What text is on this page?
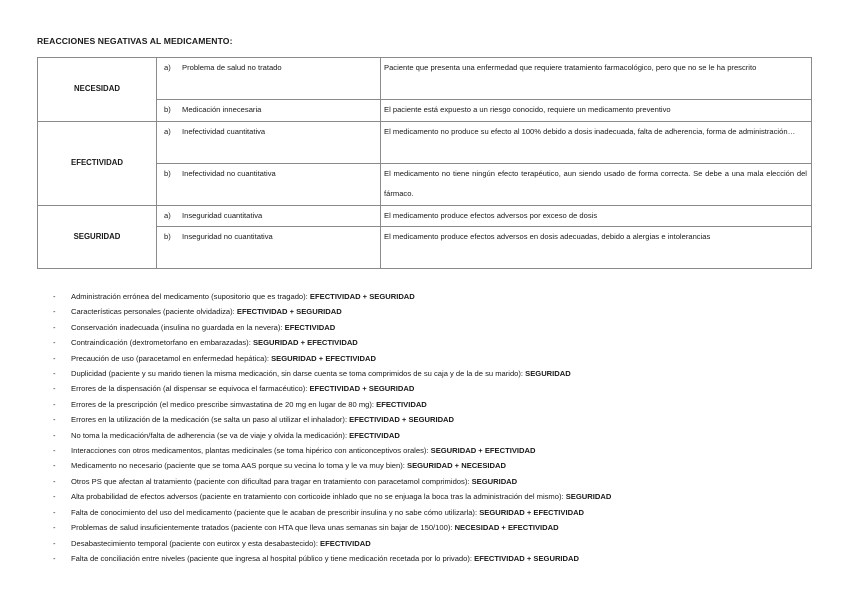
REACCIONES NEGATIVAS AL MEDICAMENTO:
NECESIDAD	a) Problema de salud no tratado	Paciente que presenta una enfermedad que requiere tratamiento farmacológico, pero que no se le ha prescrito

	b) Medicación innecesaria	El paciente está expuesto a un riesgo conocido, requiere un medicamento preventivo
EFECTIVIDAD	a) Inefectividad cuantitativa	El medicamento no produce su efecto al 100% debido a dosis inadecuada, falta de adherencia, forma de administración…

	b) Inefectividad no cuantitativa	El medicamento no tiene ningún efecto terapéutico, aun siendo usado de forma correcta. Se debe a una mala elección del fármaco.
SEGURIDAD	a) Inseguridad cuantitativa	El medicamento produce efectos adversos por exceso de dosis

	b) Inseguridad no cuantitativa	El medicamento produce efectos adversos en dosis adecuadas, debido a alergias e intolerancias
- Administración errónea del medicamento (supositorio que es tragado): EFECTIVIDAD + SEGURIDAD
- Características personales (paciente olvidadiza): EFECTIVIDAD + SEGURIDAD
- Conservación inadecuada (insulina no guardada en la nevera): EFECTIVIDAD
- Contraindicación (dextrometorfano en embarazadas): SEGURIDAD + EFECTIVIDAD
- Precaución de uso (paracetamol en enfermedad hepática): SEGURIDAD + EFECTIVIDAD
- Duplicidad (paciente y su marido tienen la misma medicación, sin darse cuenta se toma comprimidos de su caja y de la de su marido): SEGURIDAD
- Errores de la dispensación (al dispensar se equivoca el farmacéutico): EFECTIVIDAD + SEGURIDAD
- Errores de la prescripción (el medico prescribe simvastatina de 20 mg en lugar de 80 mg): EFECTIVIDAD
- Errores en la utilización de la medicación (se salta un paso al utilizar el inhalador): EFECTIVIDAD + SEGURIDAD
- No toma la medicación/falta de adherencia (se va de viaje y olvida la medicación): EFECTIVIDAD
- Interacciones con otros medicamentos, plantas medicinales (se toma hipérico con anticonceptivos orales): SEGURIDAD + EFECTIVIDAD
- Medicamento no necesario (paciente que se toma AAS porque su vecina lo toma y le va muy bien): SEGURIDAD + NECESIDAD
- Otros PS que afectan al tratamiento (paciente con dificultad para tragar en tratamiento con paracetamol comprimidos): SEGURIDAD
- Alta probabilidad de efectos adversos (paciente en tratamiento con corticoide inhlado que no se enjuaga la boca tras la administración del mismo): SEGURIDAD
- Falta de conocimiento del uso del medicamento (paciente que le acaban de prescribir insulina y no sabe cómo utilizarla): SEGURIDAD + EFECTIVIDAD
- Problemas de salud insuficientemente tratados (paciente con HTA que lleva unas semanas sin bajar de 150/100): NECESIDAD + EFECTIVIDAD
- Desabastecimiento temporal (paciente con eutirox y esta desabastecido): EFECTIVIDAD
- Falta de conciliación entre niveles (paciente que ingresa al hospital público y tiene medicación recetada por lo privado): EFECTIVIDAD + SEGURIDAD
